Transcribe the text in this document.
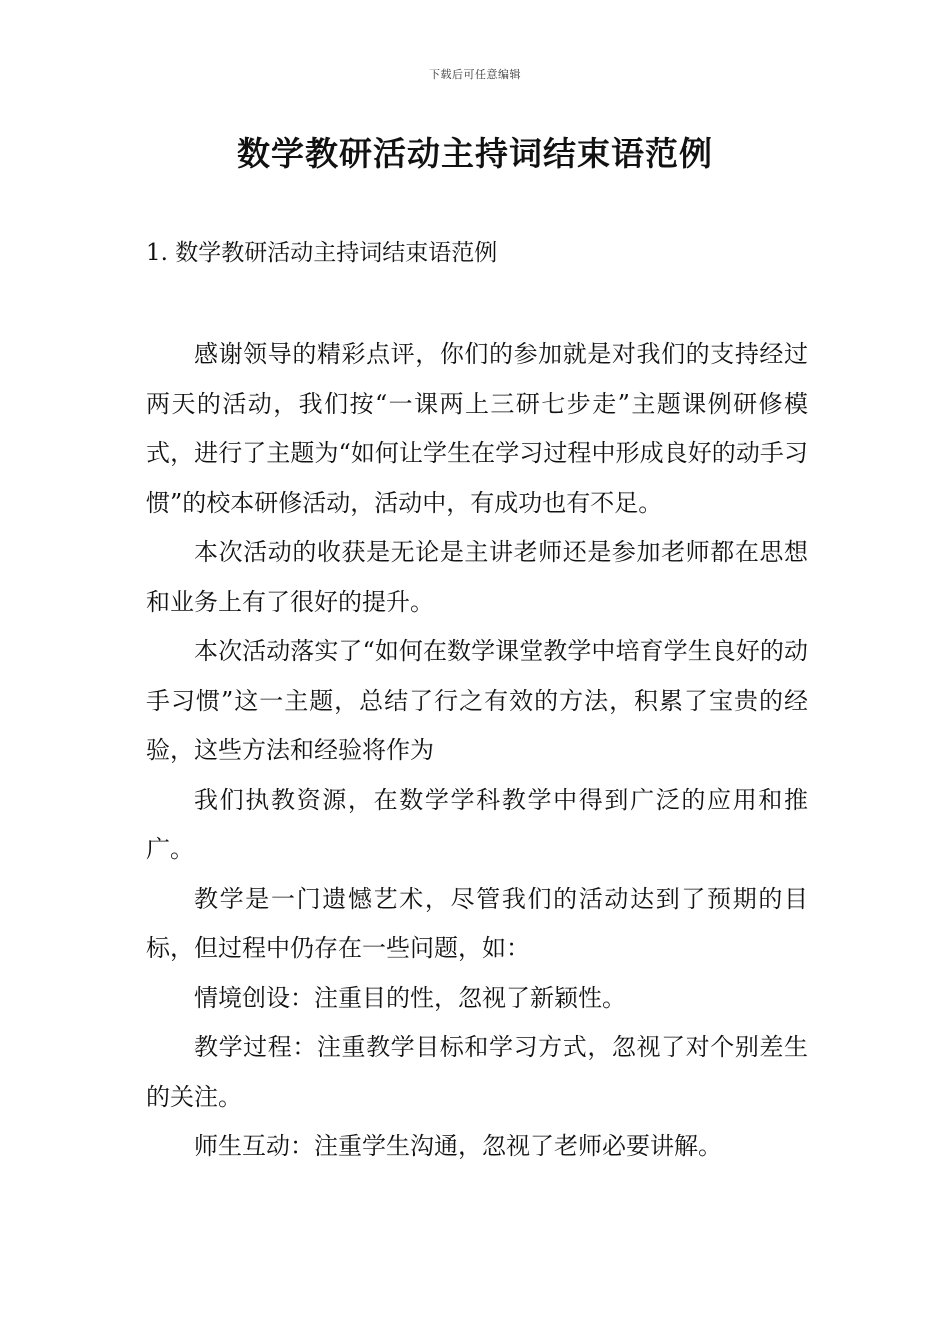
下载后可任意编辑
数学教研活动主持词结束语范例
1. 数学教研活动主持词结束语范例

感谢领导的精彩点评，你们的参加就是对我们的支持经过两天的活动，我们按“一课两上三研七步走”主题课例研修模式，进行了主题为“如何让学生在学习过程中形成良好的动手习惯”的校本研修活动，活动中，有成功也有不足。

本次活动的收获是无论是主讲老师还是参加老师都在思想和业务上有了很好的提升。

本次活动落实了“如何在数学课堂教学中培育学生良好的动手习惯”这一主题，总结了行之有效的方法，积累了宝贵的经验，这些方法和经验将作为

我们执教资源，在数学学科教学中得到广泛的应用和推广。

教学是一门遗憾艺术，尽管我们的活动达到了预期的目标，但过程中仍存在一些问题，如：

情境创设：注重目的性，忽视了新颖性。

教学过程：注重教学目标和学习方式，忽视了对个别差生的关注。

师生互动：注重学生沟通，忽视了老师必要讲解。
